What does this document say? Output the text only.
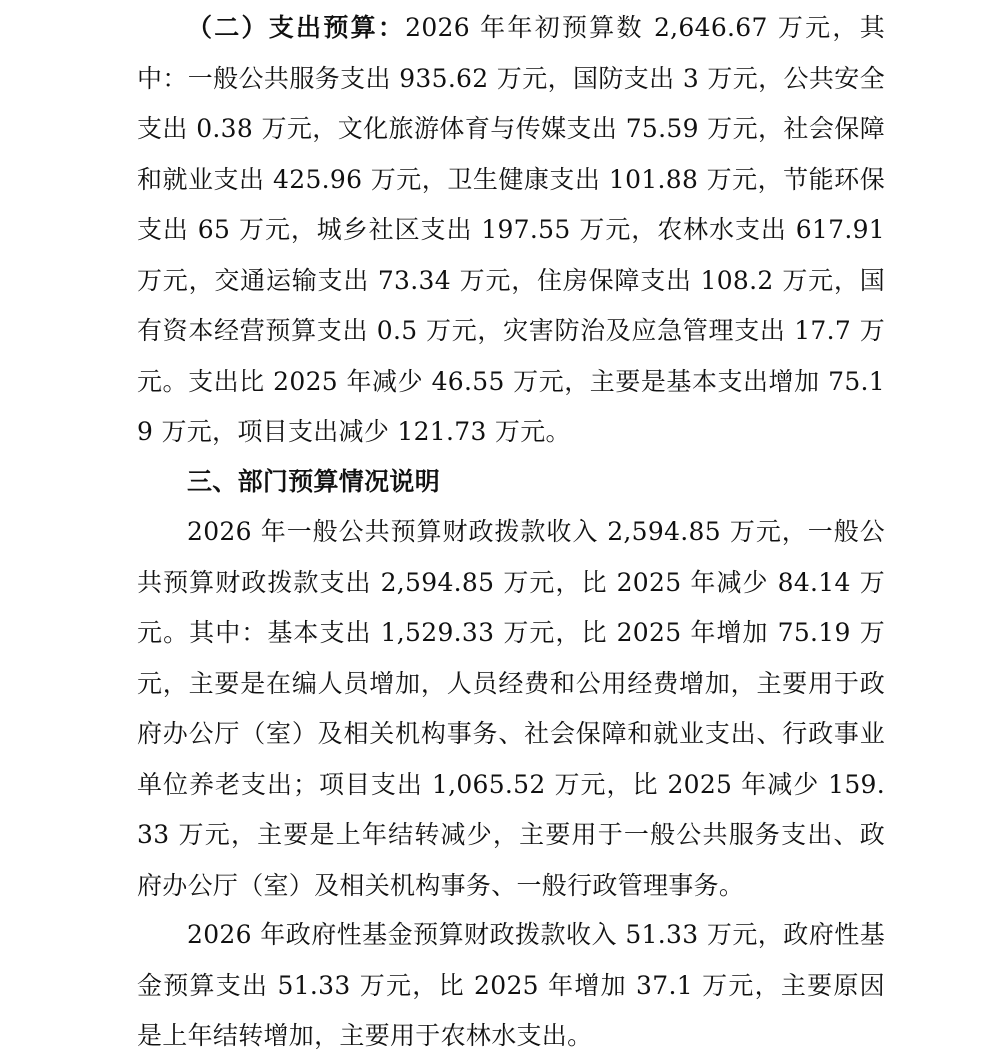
（二）支出预算：2026 年年初预算数 2,646.67 万元，其中：一般公共服务支出 935.62 万元，国防支出 3 万元，公共安全支出 0.38 万元，文化旅游体育与传媒支出 75.59 万元，社会保障和就业支出 425.96 万元，卫生健康支出 101.88 万元，节能环保支出 65 万元，城乡社区支出 197.55 万元，农林水支出 617.91 万元，交通运输支出 73.34 万元，住房保障支出 108.2 万元，国有资本经营预算支出 0.5 万元，灾害防治及应急管理支出 17.7 万元。支出比 2025 年减少 46.55 万元，主要是基本支出增加 75.19 万元，项目支出减少 121.73 万元。

三、部门预算情况说明

2026 年一般公共预算财政拨款收入 2,594.85 万元，一般公共预算财政拨款支出 2,594.85 万元，比 2025 年减少 84.14 万元。其中：基本支出 1,529.33 万元，比 2025 年增加 75.19 万元，主要是在编人员增加，人员经费和公用经费增加，主要用于政府办公厅（室）及相关机构事务、社会保障和就业支出、行政事业单位养老支出；项目支出 1,065.52 万元，比 2025 年减少 159.33 万元，主要是上年结转减少，主要用于一般公共服务支出、政府办公厅（室）及相关机构事务、一般行政管理事务。

2026 年政府性基金预算财政拨款收入 51.33 万元，政府性基金预算支出 51.33 万元，比 2025 年增加 37.1 万元，主要原因是上年结转增加，主要用于农林水支出。
